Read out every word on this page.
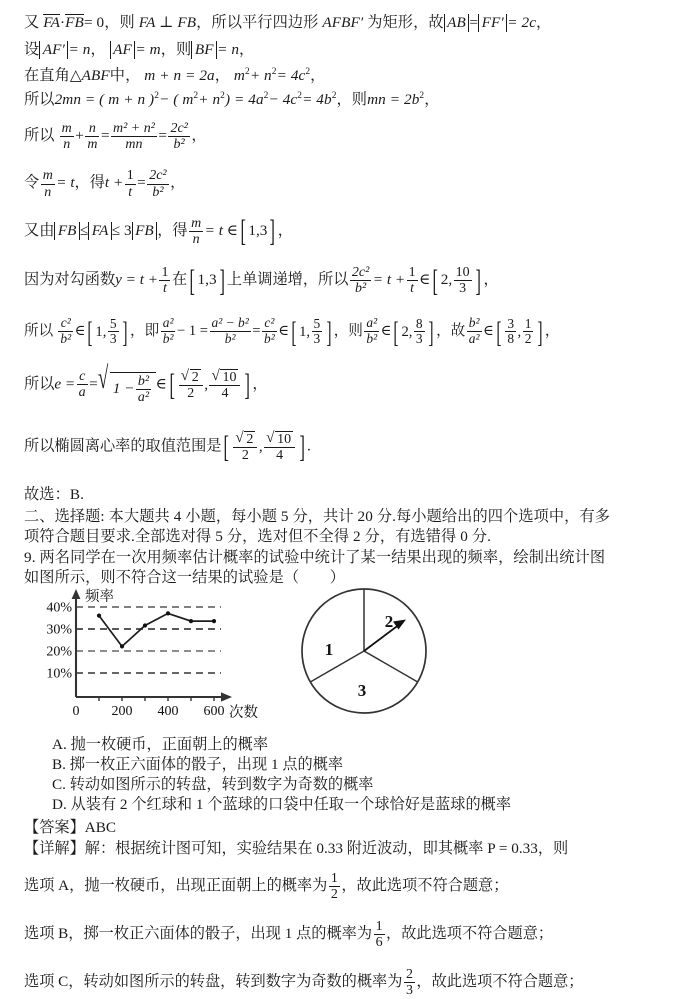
又 FA·FB= 0，则 FA ⊥ FB，所以平行四边形 AFBF′ 为矩形，故 AB = FF′ = 2c，
设 AF′ = n， AF = m，则 BF = n，
在直角△ABF中， m + n = 2a， $m^2+ n^2= 4c^2$，
所以2mn = ( m + n )$^2$− ( $m^2+ n^2) = 4a^2- 4c^2= 4b^2$，则mn = $2b^2$，
所以 $\frac{m}{n} + \frac{n}{m} = \frac{\text{m² + n²}}{mn} = \frac{\text{2c²}}{\text{b²}}$ ，
令 $\frac{m}{n} = t$，得$t + \frac{1}{t} = \frac{\text{2c²}}{\text{b²}}$ ，
又由 FB ≤ FA ≤ 3 FB ，得 $\frac{m}{n} = t$ ∈[ 1,3] ，
因为对勾函数$y = t + \frac{1}{t}$ 在[ 1,3] 上单调递增，所以 $\frac{\text{2c²}}{\text{b²}} = t + \frac{1}{t}$ ∈[ 2, $\frac{10}{3}$ ] ，
所以 $\frac{\text{c²}}{\text{b²}}$ ∈[ 1, $\frac{5}{3}$ ] ，即 $\frac{\text{a²}}{\text{b²}} - 1 = \frac{\text{a² − b²}}{\text{b²}} = \frac{\text{c²}}{\text{b²}}$ ∈[ 1, $\frac{5}{3}$ ] ，则 $\frac{\text{a²}}{\text{b²}}$ ∈[ 2, $\frac{8}{3}$ ] ，故 $\frac{\text{b²}}{\text{a²}}$ ∈[ $\frac{3}{8}$ , $\frac{1}{2}$ ] ，
所以$e = \frac{c}{a}$ = √ $1 - \frac{\text{b²}}{\text{a²}}$ ∈[ √ $\frac{2}{2}$ , √ $\frac{10}{4}$ ] ，
所以椭圆离心率的取值范围是[ √ $\frac{2}{2}$ , √ $\frac{10}{4}$ ] .
故选：B.
二、选择题: 本大题共 4 小题，每小题 5 分，共计 20 分.每小题给出的四个选项中，有多
项符合题目要求.全部选对得 5 分，选对但不全得 2 分，有选错得 0 分.
9. 两名同学在一次用频率估计概率的试验中统计了某一结果出现的频率，绘制出统计图
如图所示，则不符合这一结果的试验是（　　）
40%
30%
20%
10%
0 200 400 600
频率
次数
1
2
3
A. 抛一枚硬币，正面朝上的概率
B. 掷一枚正六面体的骰子，出现 1 点的概率
C. 转动如图所示的转盘，转到数字为奇数的概率
D. 从装有 2 个红球和 1 个蓝球的口袋中任取一个球恰好是蓝球的概率
【答案】ABC
【详解】解：根据统计图可知，实验结果在 0.33 附近波动，即其概率 P = 0.33，则
选项 A，抛一枚硬币，出现正面朝上的概率为 $\frac{1}{2}$ ，故此选项不符合题意；
选项 B，掷一枚正六面体的骰子，出现 1 点的概率为 $\frac{1}{6}$ ，故此选项不符合题意；
选项 C，转动如图所示的转盘，转到数字为奇数的概率为 $\frac{2}{3}$ ，故此选项不符合题意；
